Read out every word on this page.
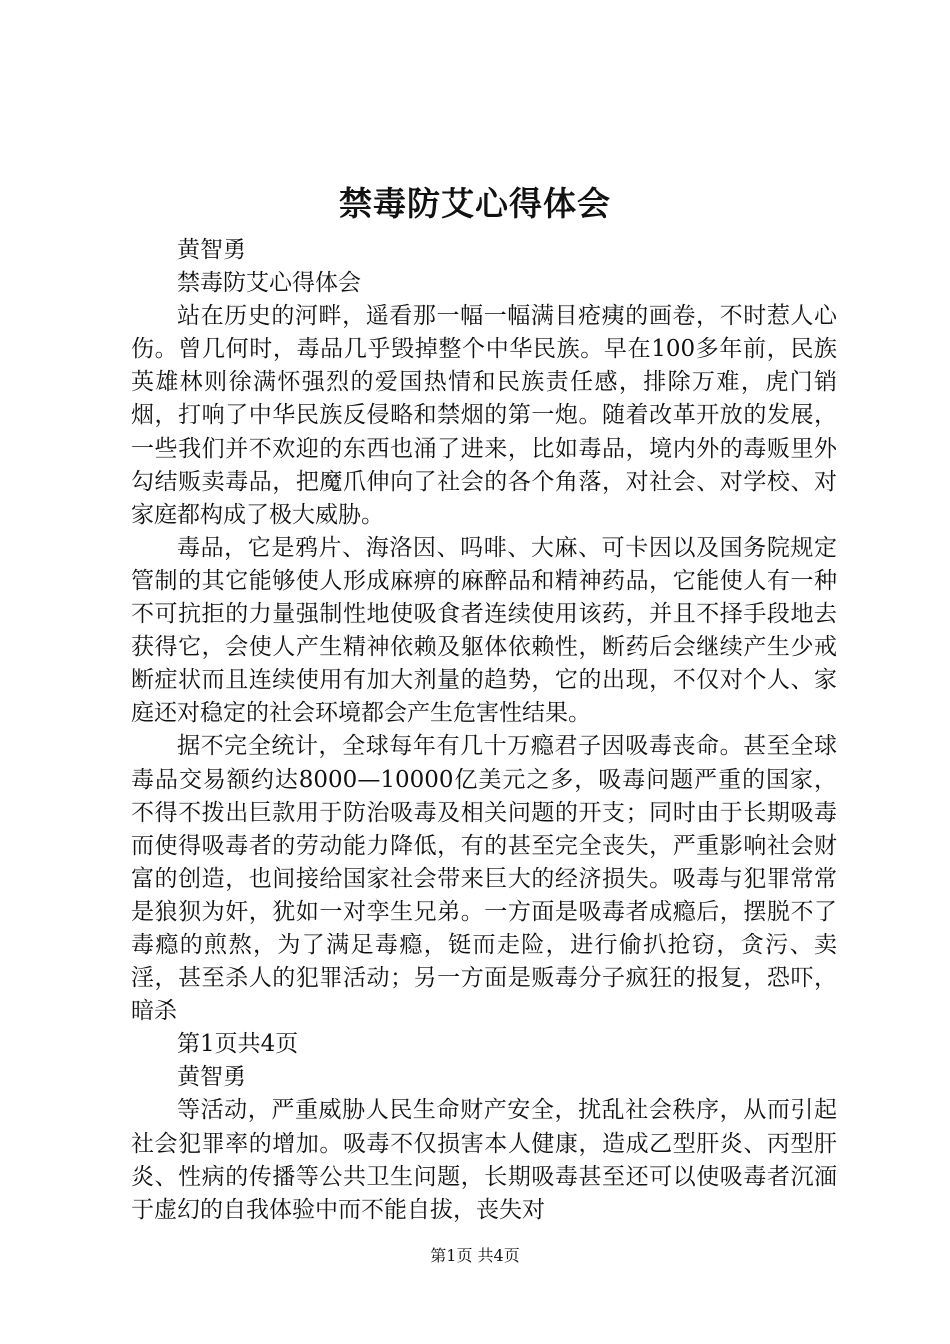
禁毒防艾心得体会

黄智勇

禁毒防艾心得体会

站在历史的河畔，遥看那一幅一幅满目疮痍的画卷，不时惹人心伤。曾几何时，毒品几乎毁掉整个中华民族。早在100多年前，民族英雄林则徐满怀强烈的爱国热情和民族责任感，排除万难，虎门销烟，打响了中华民族反侵略和禁烟的第一炮。随着改革开放的发展，一些我们并不欢迎的东西也涌了进来，比如毒品，境内外的毒贩里外勾结贩卖毒品，把魔爪伸向了社会的各个角落，对社会、对学校、对家庭都构成了极大威胁。

毒品，它是鸦片、海洛因、吗啡、大麻、可卡因以及国务院规定管制的其它能够使人形成麻痹的麻醉品和精神药品，它能使人有一种不可抗拒的力量强制性地使吸食者连续使用该药，并且不择手段地去获得它，会使人产生精神依赖及躯体依赖性，断药后会继续产生少戒断症状而且连续使用有加大剂量的趋势，它的出现，不仅对个人、家庭还对稳定的社会环境都会产生危害性结果。

据不完全统计，全球每年有几十万瘾君子因吸毒丧命。甚至全球毒品交易额约达8000—10000亿美元之多，吸毒问题严重的国家，不得不拨出巨款用于防治吸毒及相关问题的开支；同时由于长期吸毒而使得吸毒者的劳动能力降低，有的甚至完全丧失，严重影响社会财富的创造，也间接给国家社会带来巨大的经济损失。吸毒与犯罪常常是狼狈为奸，犹如一对孪生兄弟。一方面是吸毒者成瘾后，摆脱不了毒瘾的煎熬，为了满足毒瘾，铤而走险，进行偷扒抢窃，贪污、卖淫，甚至杀人的犯罪活动；另一方面是贩毒分子疯狂的报复，恐吓，暗杀

第1页共4页

黄智勇

等活动，严重威胁人民生命财产安全，扰乱社会秩序，从而引起社会犯罪率的增加。吸毒不仅损害本人健康，造成乙型肝炎、丙型肝炎、性病的传播等公共卫生问题，长期吸毒甚至还可以使吸毒者沉湎于虚幻的自我体验中而不能自拔，丧失对

第1页 共4页
